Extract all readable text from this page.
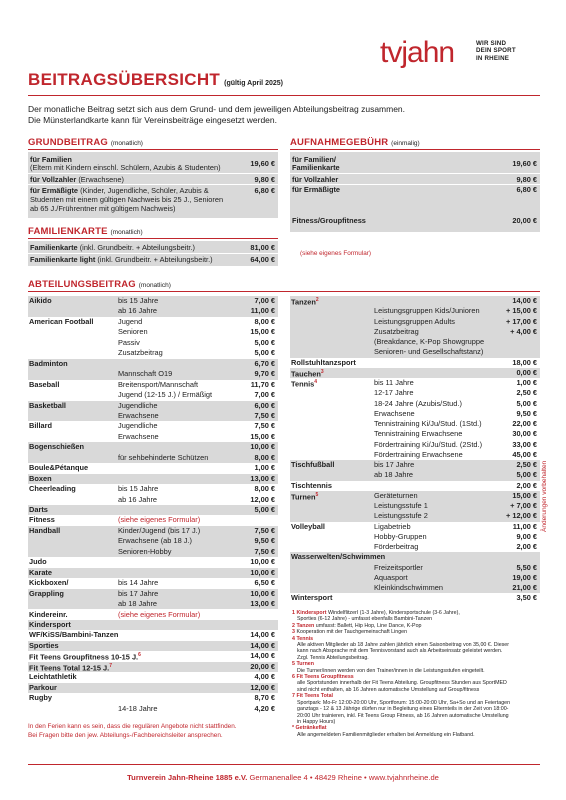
tvjahn	WIR SIND
DEIN SPORT
IN RHEINE
BEITRAGSÜBERSICHT (gültig April 2025)
Der monatliche Beitrag setzt sich aus dem Grund- und dem jeweiligen Abteilungsbeitrag zusammen.
Die Münsterlandkarte kann für Vereinsbeiträge eingesetzt werden.
GRUNDBEITRAG (monatlich)
für Familien
(Eltern mit Kindern einschl. Schülern, Azubis & Studenten)	19,60 €
für Vollzahler (Erwachsene)	9,80 €
für Ermäßigte (Kinder, Jugendliche, Schüler, Azubis &
Studenten mit einem gültigen Nachweis bis 25 J., Senioren
ab 65 J./Frührentner mit gültigem Nachweis)
6,80 €
AUFNAHMEGEBÜHR (einmalig)
für Familien/
Familienkarte	19,60 €
für Vollzahler	9,80 €
für Ermäßigte	6,80 €
Fitness/Groupfitness	20,00 €
(siehe eigenes Formular)
FAMILIENKARTE (monatlich)
Familienkarte (inkl. Grundbeitr. + Abteilungsbeitr.)	81,00 €
Familienkarte light (inkl. Grundbeitr. + Abteilungsbeitr.)	64,00 €
ABTEILUNGSBEITRAG (monatlich)
Aikido	bis 15 Jahre	7,00 €
ab 16 Jahre	11,00 €
American Football	Jugend	8,00 €
Senioren	15,00 €
Passiv	5,00 €
Zusatzbeitrag	5,00 €
Badminton	6,70 €
Mannschaft O19	9,70 €
Baseball	Breitensport/Mannschaft	11,70 €
Jugend (12-15 J.) / Ermäßigt	7,00 €
Basketball	Jugendliche	6,00 €
Erwachsene	7,50 €
Billard	Jugendliche	7,50 €
Erwachsene	15,00 €
Bogenschießen	10,00 €
für sehbehinderte Schützen	8,00 €
Boule&Pétanque	1,00 €
Boxen	13,00 €
Cheerleading	bis 15 Jahre	8,00 €
ab 16 Jahre	12,00 €
Darts	5,00 €
Fitness	(siehe eigenes Formular)
Handball	Kinder/Jugend (bis 17 J.)	7,50 €
Erwachsene (ab 18 J.)	9,50 €
Senioren-Hobby	7,50 €
Judo	10,00 €
Karate	10,00 €
Kickboxen/	bis 14 Jahre	6,50 €
Grappling	bis 17 Jahre	10,00 €
ab 18 Jahre	13,00 €
Kindereinr.	(siehe eigenes Formular)
Kindersport
WF/KiSS/Bambini-Tanzen	14,00 €
Sporties	14,00 €
Fit Teens Groupfitness 10-15 J.$^6$	14,00 €
Fit Teens Total 12-15 J.$^7$	20,00 €
Leichtathletik	4,00 €
Parkour	12,00 €
Rugby	8,70 €
14-18 Jahre	4,20 €
Tanzen$^2$	14,00 €
Leistungsgruppen Kids/Junioren	+ 15,00 €
Leistungsgruppen Adults	+ 17,00 €
Zusatzbeitrag	+ 4,00 €
(Breakdance, K-Pop Showgruppe
Senioren- und Gesellschaftstanz)
Rollstuhltanzsport	18,00 €
Tauchen$^3$	0,00 €
Tennis$^4$	bis 11 Jahre	1,00 €
12-17 Jahre	2,50 €
18-24 Jahre (Azubis/Stud.)	5,00 €
Erwachsene	9,50 €
Tennistraining Ki/Ju/Stud. (1Std.)	22,00 €
Tennistraining Erwachsene	30,00 €
Fördertraining Ki/Ju/Stud. (2Std.)	33,00 €
Fördertraining Erwachsene	45,00 €
Tischfußball	bis 17 Jahre	2,50 €
ab 18 Jahre	5,00 €
Tischtennis	2,00 €
Turnen$^5$	Geräteturnen	15,00 €
Leistungsstufe 1	+ 7,00 €
Leistungsstufe 2	+ 12,00 €
Volleyball	Ligabetrieb	11,00 €
Hobby-Gruppen	9,00 €
Förderbeitrag	2,00 €
Wasserwelten/Schwimmen
Freizeitsportler	5,50 €
Aquasport	19,00 €
Kleinkindschwimmen	21,00 €
Wintersport	3,50 €
In den Ferien kann es sein, dass die regulären Angebote nicht stattfinden.
Bei Fragen bitte den jew. Abteilungs-/Fachbereichsleiter ansprechen.
Änderungen vorbehalten
1 Kindersport WindelflitzerI (1-3 Jahre), Kindersportschule (3-6 Jahre),
Sporties (6-12 Jahre) - umfasst ebenfalls Bambini-Tanzen
2 Tanzen umfasst: Ballett, Hip Hop, Line Dance, K-Pop
3 Kooperation mit der Tauchgemeinschaft Lingen
4 Tennis
Alle aktiven Mitglieder ab 18 Jahre zahlen jährlich einen Saisonbeitrag von 35,00 €. Dieser
kann nach Absprache mit dem Tennisvorstand auch als Arbeitseinsatz geleistet werden.
Zzgl. Tennis Abteilungsbeitrag.
5 Turnen
Die Turner/innen werden von den Trainer/innen in die Leistungsstufen eingeteilt.
6 Fit Teens Groupfitness
alle Sportstunden innerhalb der Fit Teens Abteilung. Groupfitness Stunden aus SportMED
sind nicht enthalten, ab 16 Jahren automatische Umstellung auf Group/fitness
7 Fit Teens Total
Sportpark: Mo-Fr 12:00-20:00 Uhr, Sportforum: 15:00-20:00 Uhr, Sa+So und an Feiertagen
ganztags - 12 & 13 Jährige dürfen nur in Begleitung eines Elternteils in der Zeit von 18:00-
20:00 Uhr trainieren, inkl. Fit Teens Group Fitness, ab 16 Jahren automatische Umstellung
in Happy Hours)
* Getränkeflat
Alle angemeldeten Familienmitglieder erhalten bei Anmeldung ein Flatband.
Turnverein Jahn-Rheine 1885 e.V. Germanenallee 4 • 48429 Rheine • www.tvjahnrheine.de
